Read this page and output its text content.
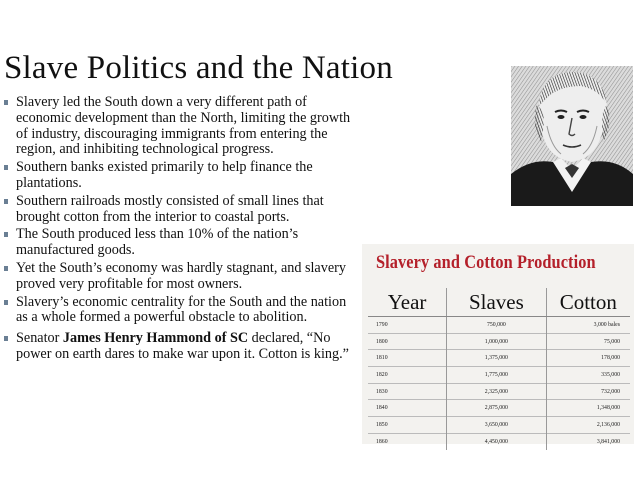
Slave Politics and the Nation
Slavery led the South down a very different path of economic development than the North, limiting the growth of industry, discouraging immigrants from entering the region, and inhibiting technological progress.
Southern banks existed primarily to help finance the plantations.
Southern railroads mostly consisted of small lines that brought cotton from the interior to coastal ports.
The South produced less than 10% of the nation’s manufactured goods.
Yet the South’s economy was hardly stagnant, and slavery proved very profitable for most owners.
Slavery’s economic centrality for the South and the nation as a whole formed a powerful obstacle to abolition.
Senator James Henry Hammond of SC declared, “No power on earth dares to make war upon it. Cotton is king.”
Slavery and Cotton Production
Year	Slaves	Cotton
1790	750,000	3,000 bales
1800	1,000,000	75,000
1810	1,375,000	178,000
1820	1,775,000	335,000
1830	2,325,000	732,000
1840	2,875,000	1,348,000
1850	3,650,000	2,136,000
1860	4,450,000	3,841,000
